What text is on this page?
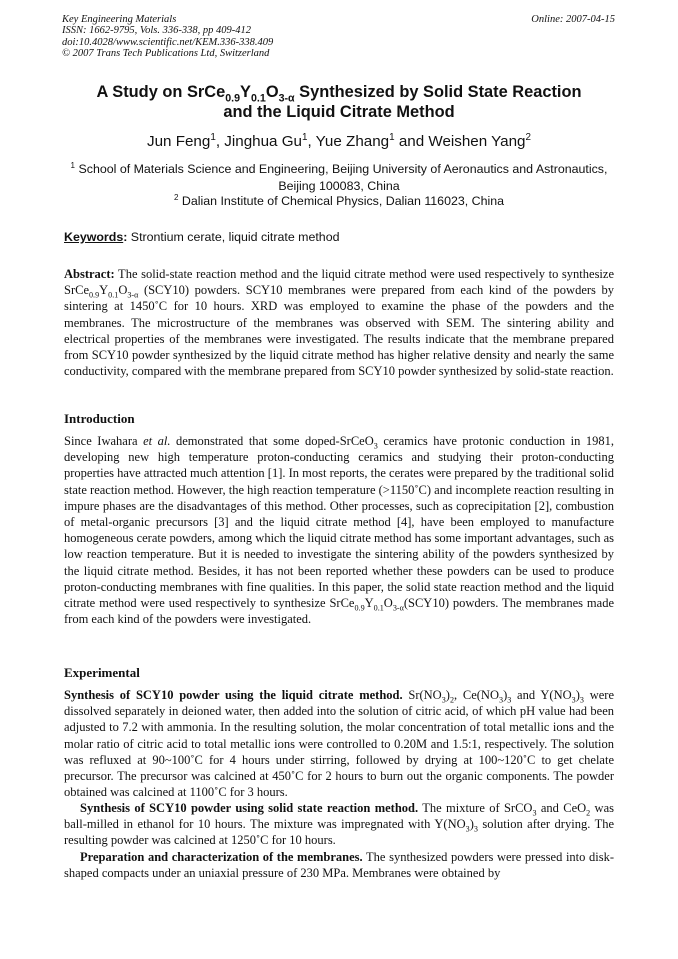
Key Engineering Materials
ISSN: 1662-9795, Vols. 336-338, pp 409-412
doi:10.4028/www.scientific.net/KEM.336-338.409
© 2007 Trans Tech Publications Ltd, Switzerland
Online: 2007-04-15
A Study on $SrCe_{0.9}Y_{0.1}O_{3-\alpha}$ Synthesized by Solid State Reaction
and the Liquid Citrate Method
Jun Feng$^1$, Jinghua Gu$^1$, Yue Zhang$^1$ and Weishen Yang$^2$
$^1$ School of Materials Science and Engineering, Beijing University of Aeronautics and Astronautics,
Beijing 100083, China
$^2$ Dalian Institute of Chemical Physics, Dalian 116023, China
Keywords: Strontium cerate, liquid citrate method
Abstract: The solid-state reaction method and the liquid citrate method were used respectively to synthesize $SrCe_{0.9}Y_{0.1}O_{3-\alpha}$ (SCY10) powders. SCY10 membranes were prepared from each kind of the powders by sintering at 1450˚C for 10 hours. XRD was employed to examine the phase of the powders and the membranes. The microstructure of the membranes was observed with SEM. The sintering ability and electrical properties of the membranes were investigated. The results indicate that the membrane prepared from SCY10 powder synthesized by the liquid citrate method has higher relative density and nearly the same conductivity, compared with the membrane prepared from SCY10 powder synthesized by solid-state reaction.
Introduction
Since Iwahara et al. demonstrated that some doped-SrCeO$_3$ ceramics have protonic conduction in 1981, developing new high temperature proton-conducting ceramics and studying their proton-conducting properties have attracted much attention [1]. In most reports, the cerates were prepared by the traditional solid state reaction method. However, the high reaction temperature (>1150˚C) and incomplete reaction resulting in impure phases are the disadvantages of this method. Other processes, such as coprecipitation [2], combustion of metal-organic precursors [3] and the liquid citrate method [4], have been employed to manufacture homogeneous cerate powders, among which the liquid citrate method has some important advantages, such as low reaction temperature. But it is needed to investigate the sintering ability of the powders synthesized by the liquid citrate method. Besides, it has not been reported whether these powders can be used to produce proton-conducting membranes with fine qualities. In this paper, the solid state reaction method and the liquid citrate method were used respectively to synthesize $SrCe_{0.9}Y_{0.1}O_{3-\alpha}(SCY10)$ powders. The membranes made from each kind of the powders were investigated.
Experimental
Synthesis of SCY10 powder using the liquid citrate method. $Sr(NO_3)_2$, $Ce(NO_3)_3$ and $Y(NO_3)_3$ were dissolved separately in deioned water, then added into the solution of citric acid, of which pH value had been adjusted to 7.2 with ammonia. In the resulting solution, the molar concentration of total metallic ions and the molar ratio of citric acid to total metallic ions were controlled to 0.20M and 1.5:1, respectively. The solution was refluxed at 90~100˚C for 4 hours under stirring, followed by drying at 100~120˚C to get chelate precursor. The precursor was calcined at 450˚C for 2 hours to burn out the organic components. The powder obtained was calcined at 1100˚C for 3 hours.
Synthesis of SCY10 powder using solid state reaction method. The mixture of SrCO$_3$ and CeO$_2$ was ball-milled in ethanol for 10 hours. The mixture was impregnated with $Y(NO_3)_3$ solution after drying. The resulting powder was calcined at 1250˚C for 10 hours.
Preparation and characterization of the membranes. The synthesized powders were pressed into disk-shaped compacts under an uniaxial pressure of 230 MPa. Membranes were obtained by
